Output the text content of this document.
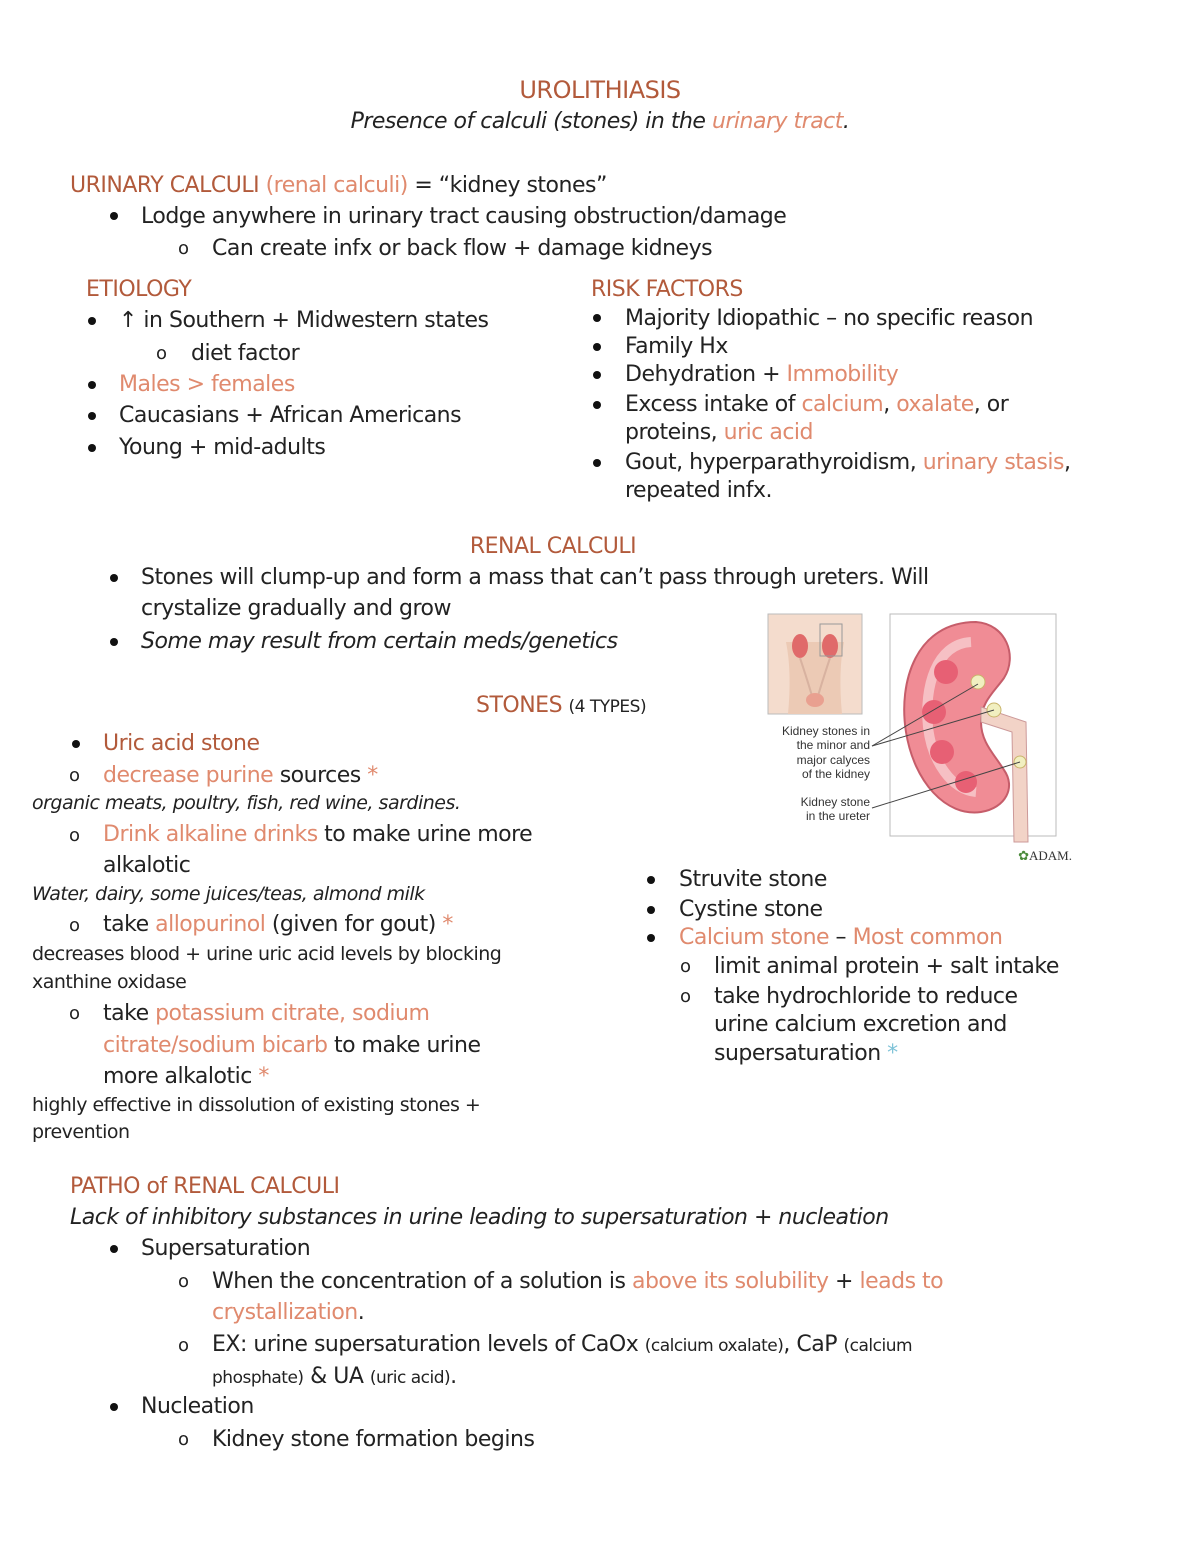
UROLITHIASIS
Presence of calculi (stones) in the urinary tract.
URINARY CALCULI (renal calculi) = “kidney stones”
Lodge anywhere in urinary tract causing obstruction/damage
o Can create infx or back flow + damage kidneys
ETIOLOGY
↑ in Southern + Midwestern states
o diet factor
Males > females
Caucasians + African Americans
Young + mid-adults
RISK FACTORS
Majority Idiopathic – no specific reason
Family Hx
Dehydration + Immobility
Excess intake of calcium, oxalate, or
proteins, uric acid
Gout, hyperparathyroidism, urinary stasis,
repeated infx.
RENAL CALCULI
Stones will clump-up and form a mass that can’t pass through ureters. Will
crystalize gradually and grow
Some may result from certain meds/genetics
STONES (4 TYPES)
Uric acid stone
o decrease purine sources *
organic meats, poultry, fish, red wine, sardines.
o Drink alkaline drinks to make urine more
alkalotic
Water, dairy, some juices/teas, almond milk
o take allopurinol (given for gout) *
decreases blood + urine uric acid levels by blocking
xanthine oxidase
o take potassium citrate, sodium
citrate/sodium bicarb to make urine
more alkalotic *
highly effective in dissolution of existing stones +
prevention
Struvite stone
Cystine stone
Calcium stone – Most common
o limit animal protein + salt intake
o take hydrochloride to reduce
urine calcium excretion and
supersaturation *
Kidney stones in
the minor and
major calyces
of the kidney
Kidney stone
in the ureter
✿ADAM.
PATHO of RENAL CALCULI
Lack of inhibitory substances in urine leading to supersaturation + nucleation
Supersaturation
o When the concentration of a solution is above its solubility + leads to
crystallization.
o EX: urine supersaturation levels of CaOx (calcium oxalate), CaP (calcium
phosphate) & UA (uric acid).
Nucleation
o Kidney stone formation begins
